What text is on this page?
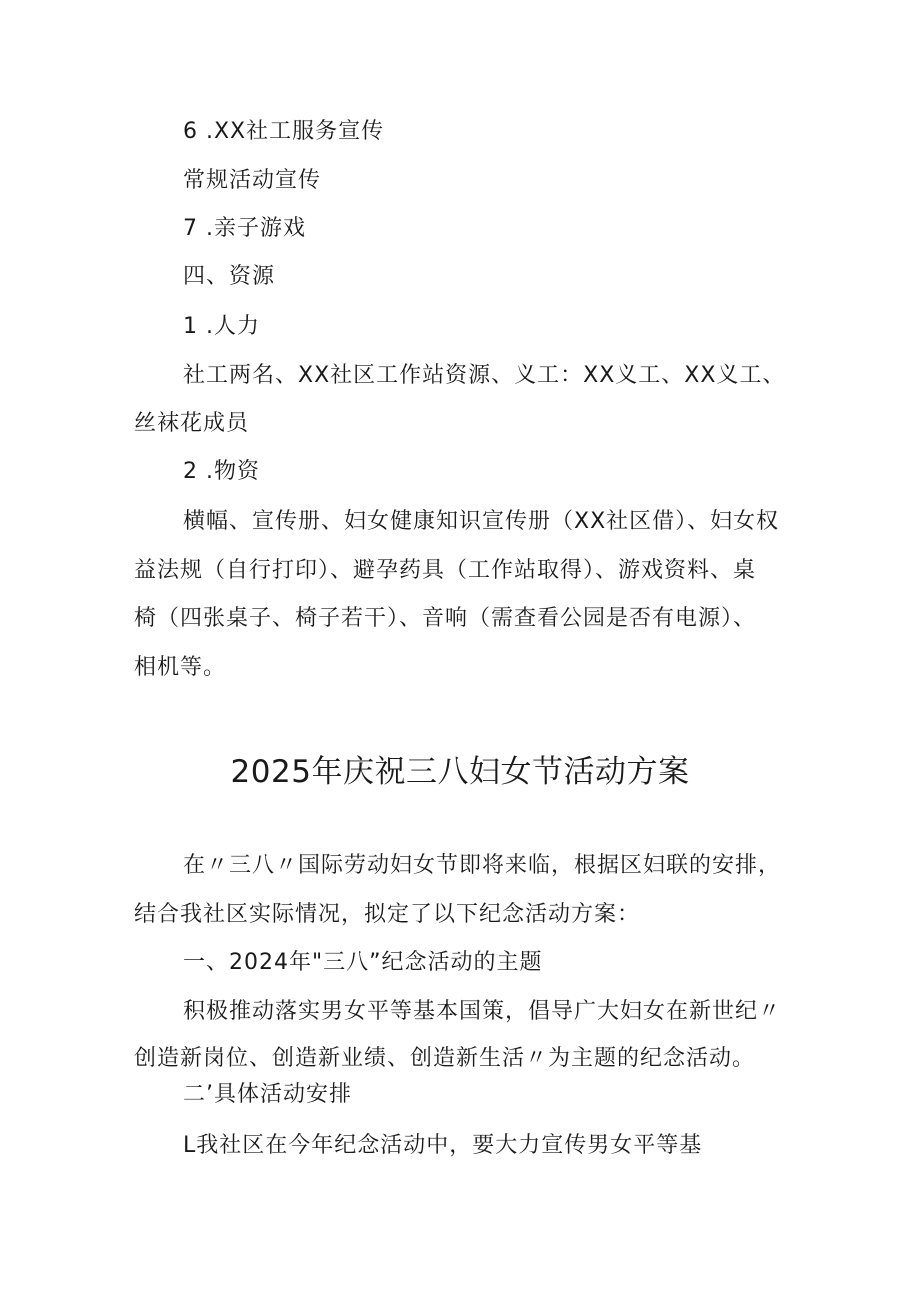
6 .XX社工服务宣传
常规活动宣传
7 .亲子游戏
四、资源
1 .人力
社工两名、XX社区工作站资源、义工：XX义工、XX义工、
丝袜花成员
2 .物资
横幅、宣传册、妇女健康知识宣传册（XX社区借）、妇女权
益法规（自行打印）、避孕药具（工作站取得）、游戏资料、桌
椅（四张桌子、椅子若干）、音响（需查看公园是否有电源）、
相机等。
2025年庆祝三八妇女节活动方案
在〃三八〃国际劳动妇女节即将来临，根据区妇联的安排，
结合我社区实际情况，拟定了以下纪念活动方案：
一、2024年"三八”纪念活动的主题
积极推动落实男女平等基本国策，倡导广大妇女在新世纪〃
创造新岗位、创造新业绩、创造新生活〃为主题的纪念活动。
二’具体活动安排
L我社区在今年纪念活动中，要大力宣传男女平等基
